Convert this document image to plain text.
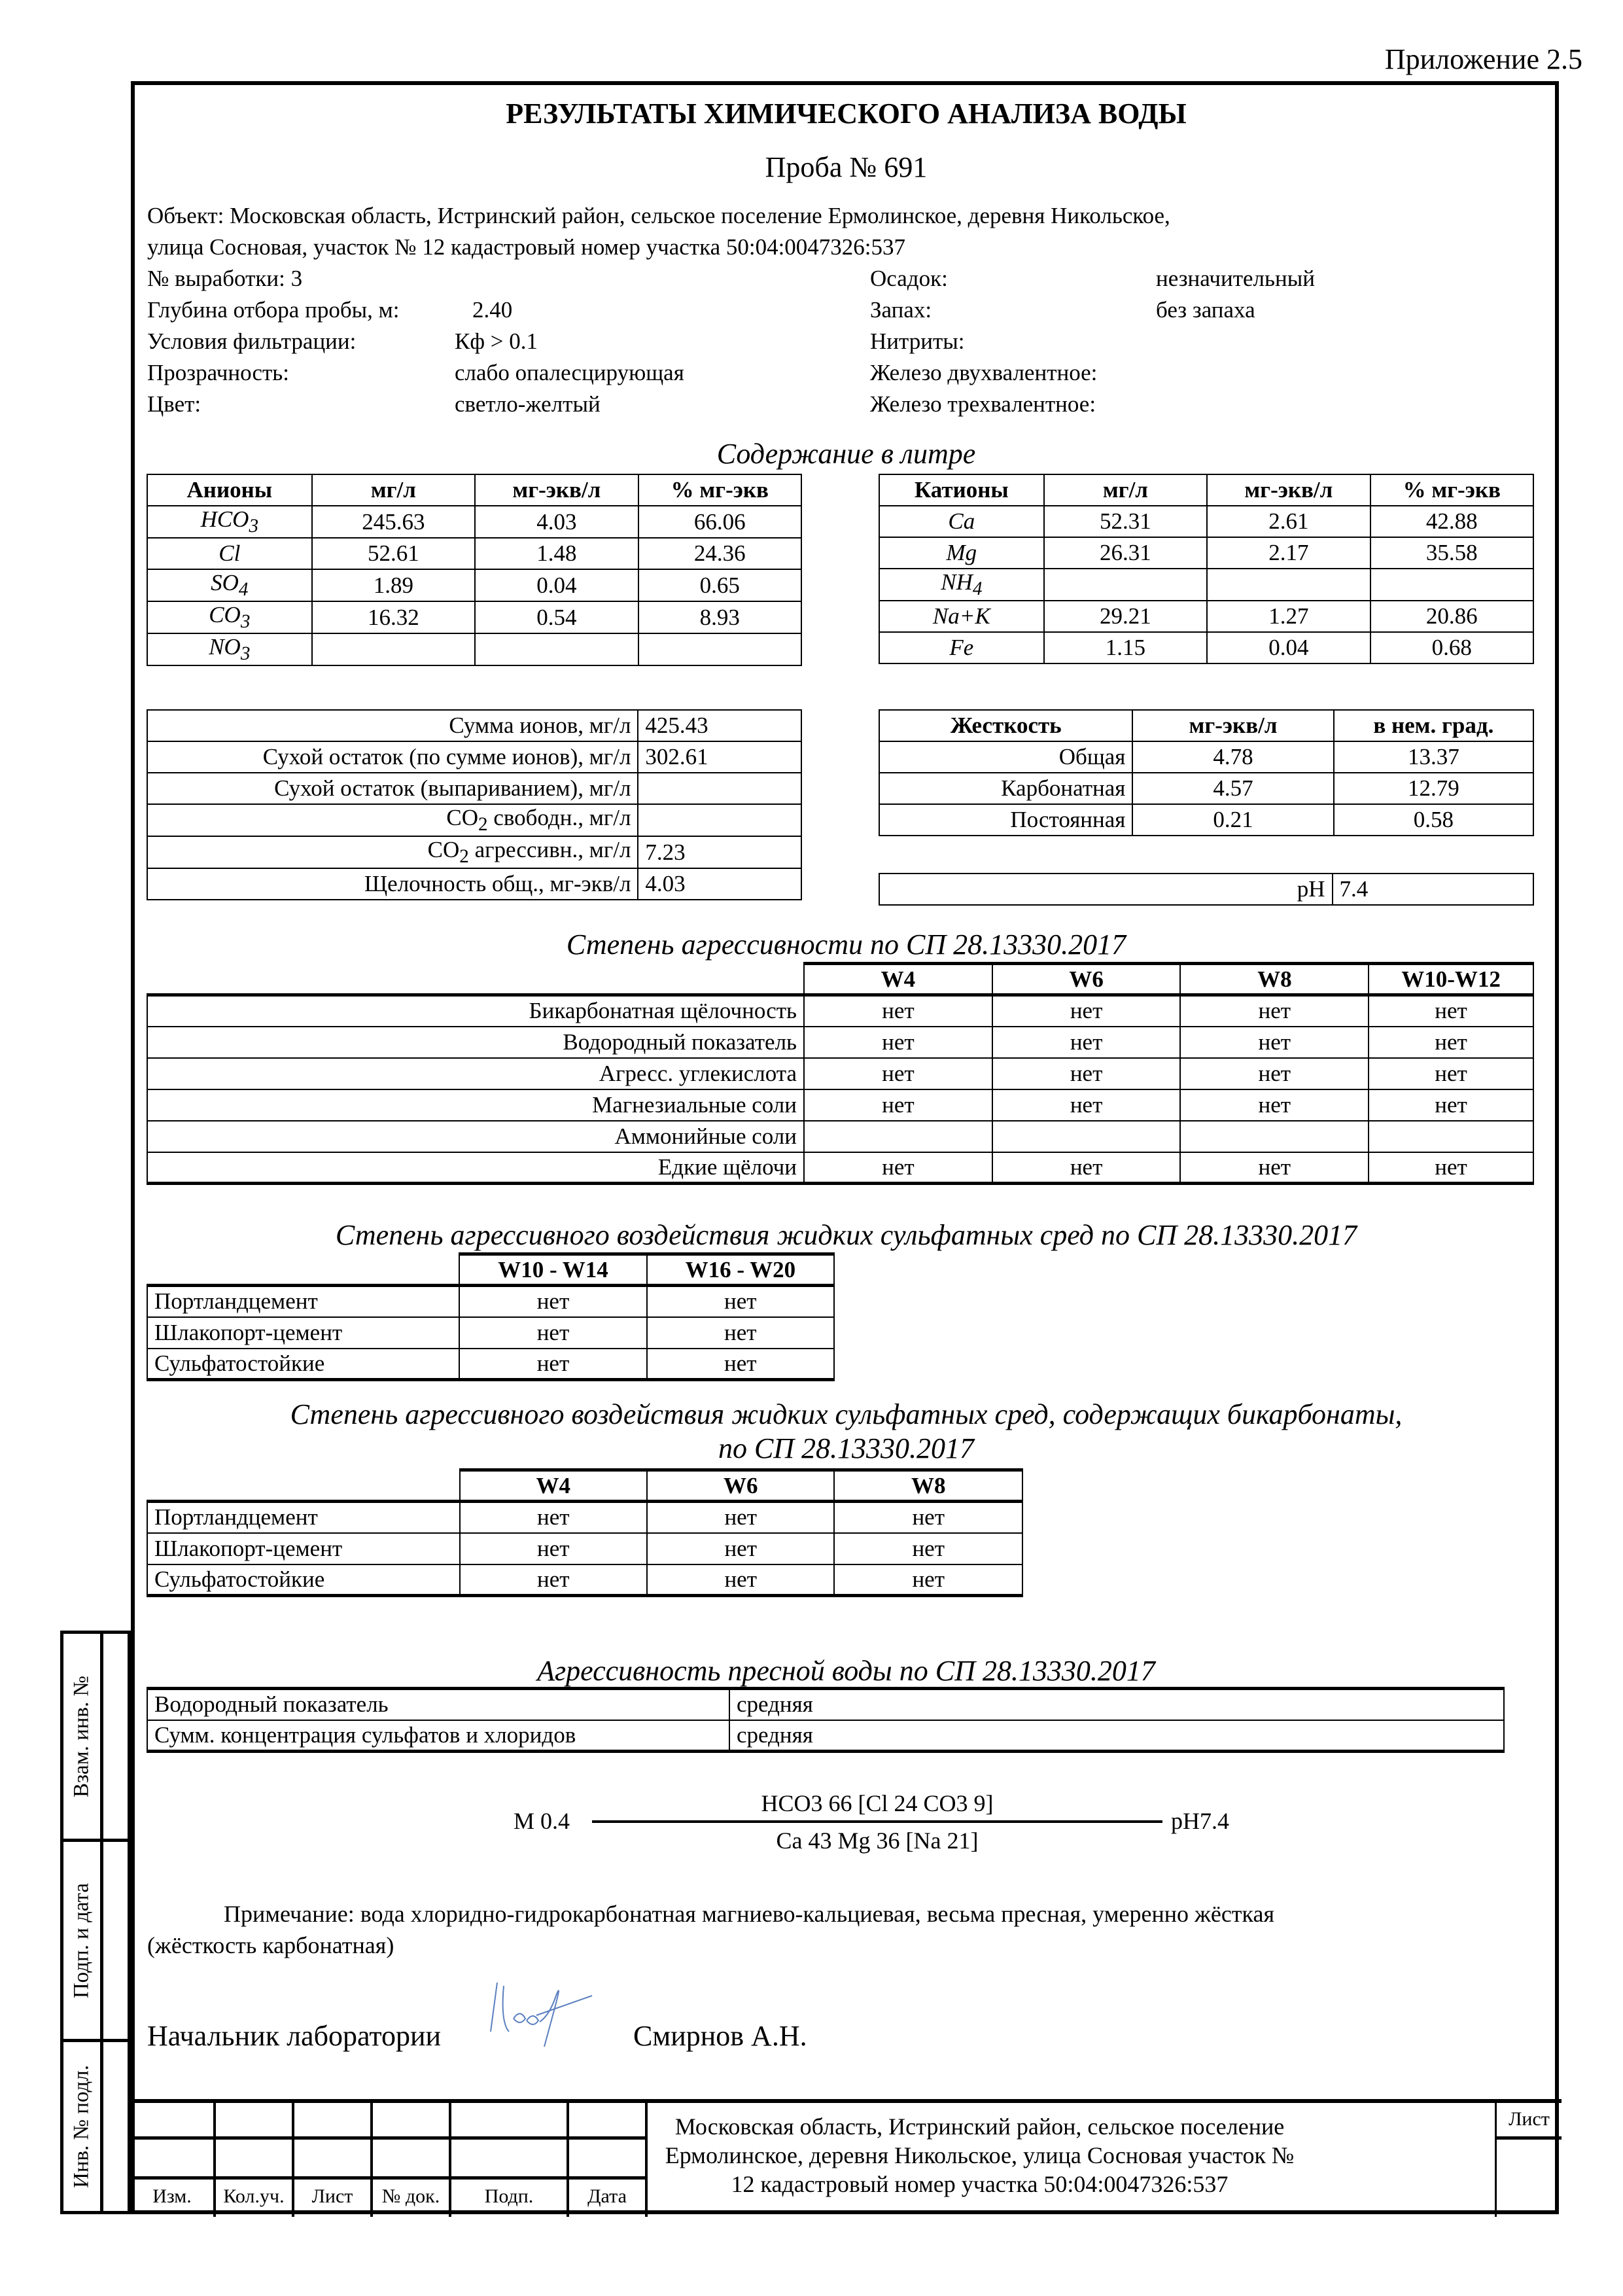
Приложение 2.5
РЕЗУЛЬТАТЫ ХИМИЧЕСКОГО АНАЛИЗА ВОДЫ
Проба № 691
Объект: Московская область, Истринский район, сельское поселение Ермолинское, деревня Никольское,
улица Сосновая, участок № 12 кадастровый номер участка 50:04:0047326:537
№ выработки: 3
Глубина отбора пробы, м:	2.40
Условия фильтрации:	Кф > 0.1
Прозрачность:	слабо опалесцирующая
Цвет:	светло-желтый
Осадок:	незначительный
Запах:	без запаха
Нитриты:
Железо двухвалентное:
Железо трехвалентное:
Содержание в литре
Анионы	мг/л	мг-экв/л	% мг-экв
$HCO_3$	245.63	4.03	66.06
Cl	52.61	1.48	24.36
$SO_4$	1.89	0.04	0.65
$CO_3$	16.32	0.54	8.93
$NO_3$			
Катионы	мг/л	мг-экв/л	% мг-экв
Ca	52.31	2.61	42.88
Mg	26.31	2.17	35.58
$NH_4$			
Na+K	29.21	1.27	20.86
Fe	1.15	0.04	0.68
Сумма ионов, мг/л	425.43
Сухой остаток (по сумме ионов), мг/л	302.61
Сухой остаток (выпариванием), мг/л	
$CO_2$ свободн., мг/л	
$CO_2$ агрессивн., мг/л	7.23
Щелочность общ., мг-экв/л	4.03
Жесткость	мг-экв/л	в нем. град.
Общая	4.78	13.37
Карбонатная	4.57	12.79
Постоянная	0.21	0.58
pH	7.4
Степень агрессивности по СП 28.13330.2017
	W4	W6	W8	W10-W12
Бикарбонатная щёлочность	нет	нет	нет	нет
Водородный показатель	нет	нет	нет	нет
Агресс. углекислота	нет	нет	нет	нет
Магнезиальные соли	нет	нет	нет	нет
Аммонийные соли				
Едкие щёлочи	нет	нет	нет	нет
Степень агрессивного воздействия жидких сульфатных сред по СП 28.13330.2017
	W10 - W14	W16 - W20
Портландцемент	нет	нет
Шлакопорт-цемент	нет	нет
Сульфатостойкие	нет	нет
Степень агрессивного воздействия жидких сульфатных сред, содержащих бикарбонаты,
по СП 28.13330.2017
	W4	W6	W8
Портландцемент	нет	нет	нет
Шлакопорт-цемент	нет	нет	нет
Сульфатостойкие	нет	нет	нет
Агрессивность пресной воды по СП 28.13330.2017
Водородный показатель	средняя
Сумм. концентрация сульфатов и хлоридов	средняя
M 0.4
HCO3 66 [Cl 24 CO3 9]
Ca 43 Mg 36 [Na 21]
pH7.4
Примечание: вода хлоридно-гидрокарбонатная магниево-кальциевая, весьма пресная, умеренно жёсткая
(жёсткость карбонатная)
Начальник лаборатории	Смирнов А.Н.
Взам. инв. №
Подп. и дата
Инв. № подл.
Изм.	Кол.уч.	Лист	№ док.	Подп.	Дата
Московская область, Истринский район, сельское поселение
Ермолинское, деревня Никольское, улица Сосновая участок №
12 кадастровый номер участка 50:04:0047326:537
Лист
